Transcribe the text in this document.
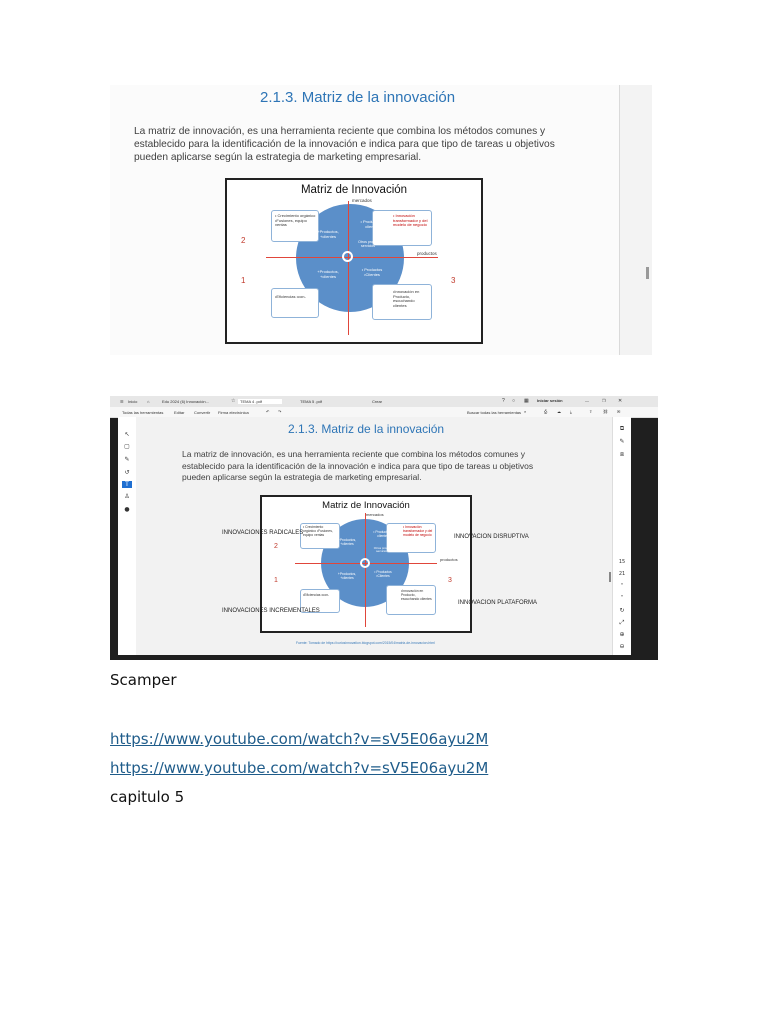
2.1.3. Matriz de la innovación
La matriz de innovación, es una herramienta reciente que combina los métodos comunes y
establecido para la identificación de la innovación e indica para que tipo de tareas u objetivos
pueden aplicarse según la estrategia de marketing empresarial.
Matriz de Innovación
mercados
productos
2
1	3
• Crecimiento orgánico •Fusiones, equipo ventas
• Innovación transformador y del modelo de negocio
•Eficiencias •con-
•Innovación en Producto, escuchando clientes
+Productos, +clientes
• Productos • clientes
Otros prod y servicios
+Productos, +clientes
• Productos •Clientes
☰ Inicio ⌂	Edu 2024 (6) Innovación...	☆	TEMA 4 .pdf	TEMA 5 .pdf	Crear	? ○ ▦ Iniciar sesión	—	❐ ✕
Todas las herramientas	Editar Convertir Firma electrónica	↶ ↷	Buscar todas las herramientas ⌕	⎙ ☁ ⤓	⇪	⛓ ✉
↖
▢
✎
↺
T
♙
●
2.1.3. Matriz de la innovación
La matriz de innovación, es una herramienta reciente que combina los métodos comunes y
establecido para la identificación de la innovación e indica para que tipo de tareas u objetivos
pueden aplicarse según la estrategia de marketing empresarial.
Matriz de Innovación
mercados
productos
2
1	3
• Crecimiento orgánico •Fusiones, equipo ventas
• Innovación transformador y del modelo de negocio
•Eficiencias •con-
•Innovación en Producto, escuchando clientes
+Productos, +clientes
• Productos • clientes
Otros prod y servicios
+Productos, +clientes
• Productos •Clientes
INNOVACIONES RADICALES
INNOVACION DISRUPTIVA
INNOVACION PLATAFORMA
INNOVACIONES INCREMENTALES
Fuente: Tomado de https://curiosinnovation.blogspot.com/2015/04/matriz-de-innovacion.html
⧉
✎
⧈
15
21
˄
˅
↻
⤢
⊕
⊖
Scamper
https://www.youtube.com/watch?v=sV5E06ayu2M
https://www.youtube.com/watch?v=sV5E06ayu2M
capitulo 5
